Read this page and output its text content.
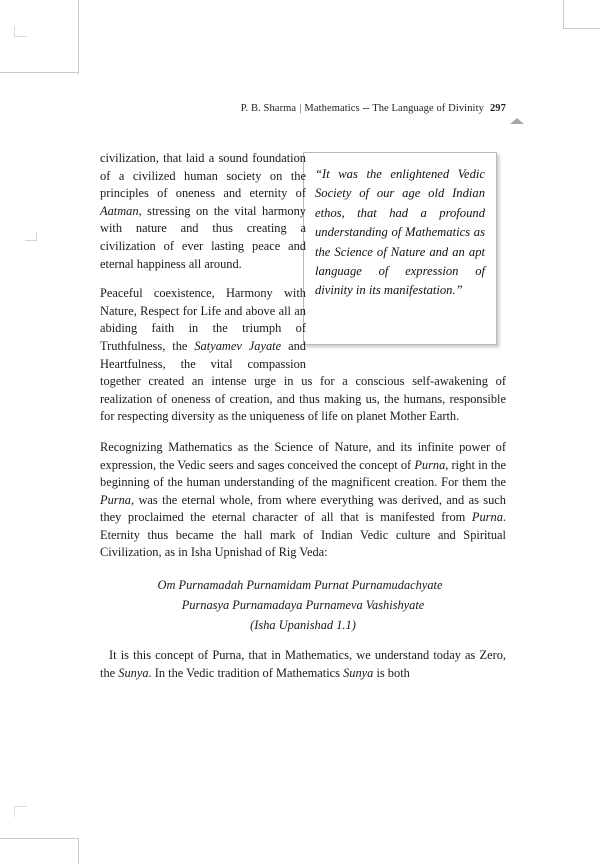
P. B. Sharma | Mathematics -- The Language of Divinity 297

“It was the enlightened Vedic Society of our age old Indian ethos, that had a profound understanding of Mathematics as the Science of Nature and an apt language of expression of divinity in its manifestation.”

civilization, that laid a sound foundation of a civilized human society on the principles of oneness and eternity of Aatman, stressing on the vital harmony with nature and thus creating a civilization of ever lasting peace and eternal happiness all around.

Peaceful coexistence, Harmony with Nature, Respect for Life and above all an abiding faith in the triumph of Truthfulness, the Satyamev Jayate and Heartfulness, the vital compassion together created an intense urge in us for a conscious self-awakening of realization of oneness of creation, and thus making us, the humans, responsible for respecting diversity as the uniqueness of life on planet Mother Earth.

Recognizing Mathematics as the Science of Nature, and its infinite power of expression, the Vedic seers and sages conceived the concept of Purna, right in the beginning of the human understanding of the magnificent creation. For them the Purna, was the eternal whole, from where everything was derived, and as such they proclaimed the eternal character of all that is manifested from Purna. Eternity thus became the hall mark of Indian Vedic culture and Spiritual Civilization, as in Isha Upnishad of Rig Veda:

Om Purnamadah Purnamidam Purnat Purnamudachyate
Purnasya Purnamadaya Purnameva Vashishyate
(Isha Upanishad 1.1)

It is this concept of Purna, that in Mathematics, we understand today as Zero, the Sunya. In the Vedic tradition of Mathematics Sunya is both
